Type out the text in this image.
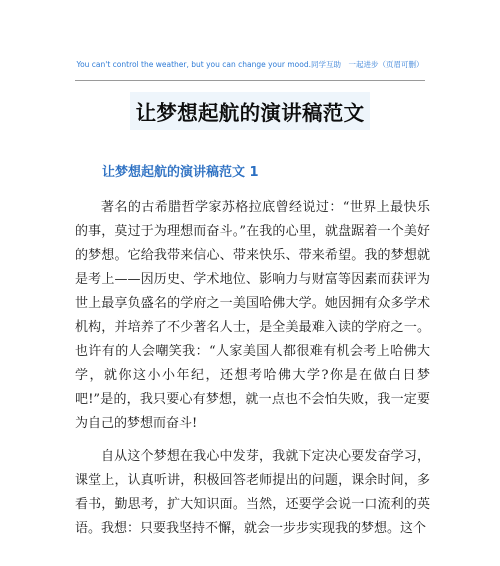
You can't control the weather, but you can change your mood.同学互助　一起进步（页眉可删）
让梦想起航的演讲稿范文
让梦想起航的演讲稿范文 1

著名的古希腊哲学家苏格拉底曾经说过：“世界上最快乐的事，莫过于为理想而奋斗。”在我的心里，就盘踞着一个美好的梦想。它给我带来信心、带来快乐、带来希望。我的梦想就是考上——因历史、学术地位、影响力与财富等因素而获评为世上最享负盛名的学府之一美国哈佛大学。她因拥有众多学术机构，并培养了不少著名人士，是全美最难入读的学府之一。也许有的人会嘲笑我：“人家美国人都很难有机会考上哈佛大学，就你这小小年纪，还想考哈佛大学?你是在做白日梦吧!”是的，我只要心有梦想，就一点也不会怕失败，我一定要为自己的梦想而奋斗!

自从这个梦想在我心中发芽，我就下定决心要发奋学习，课堂上，认真听讲，积极回答老师提出的问题，课余时间，多看书，勤思考，扩大知识面。当然，还要学会说一口流利的英语。我想：只要我坚持不懈，就会一步步实现我的梦想。这个
